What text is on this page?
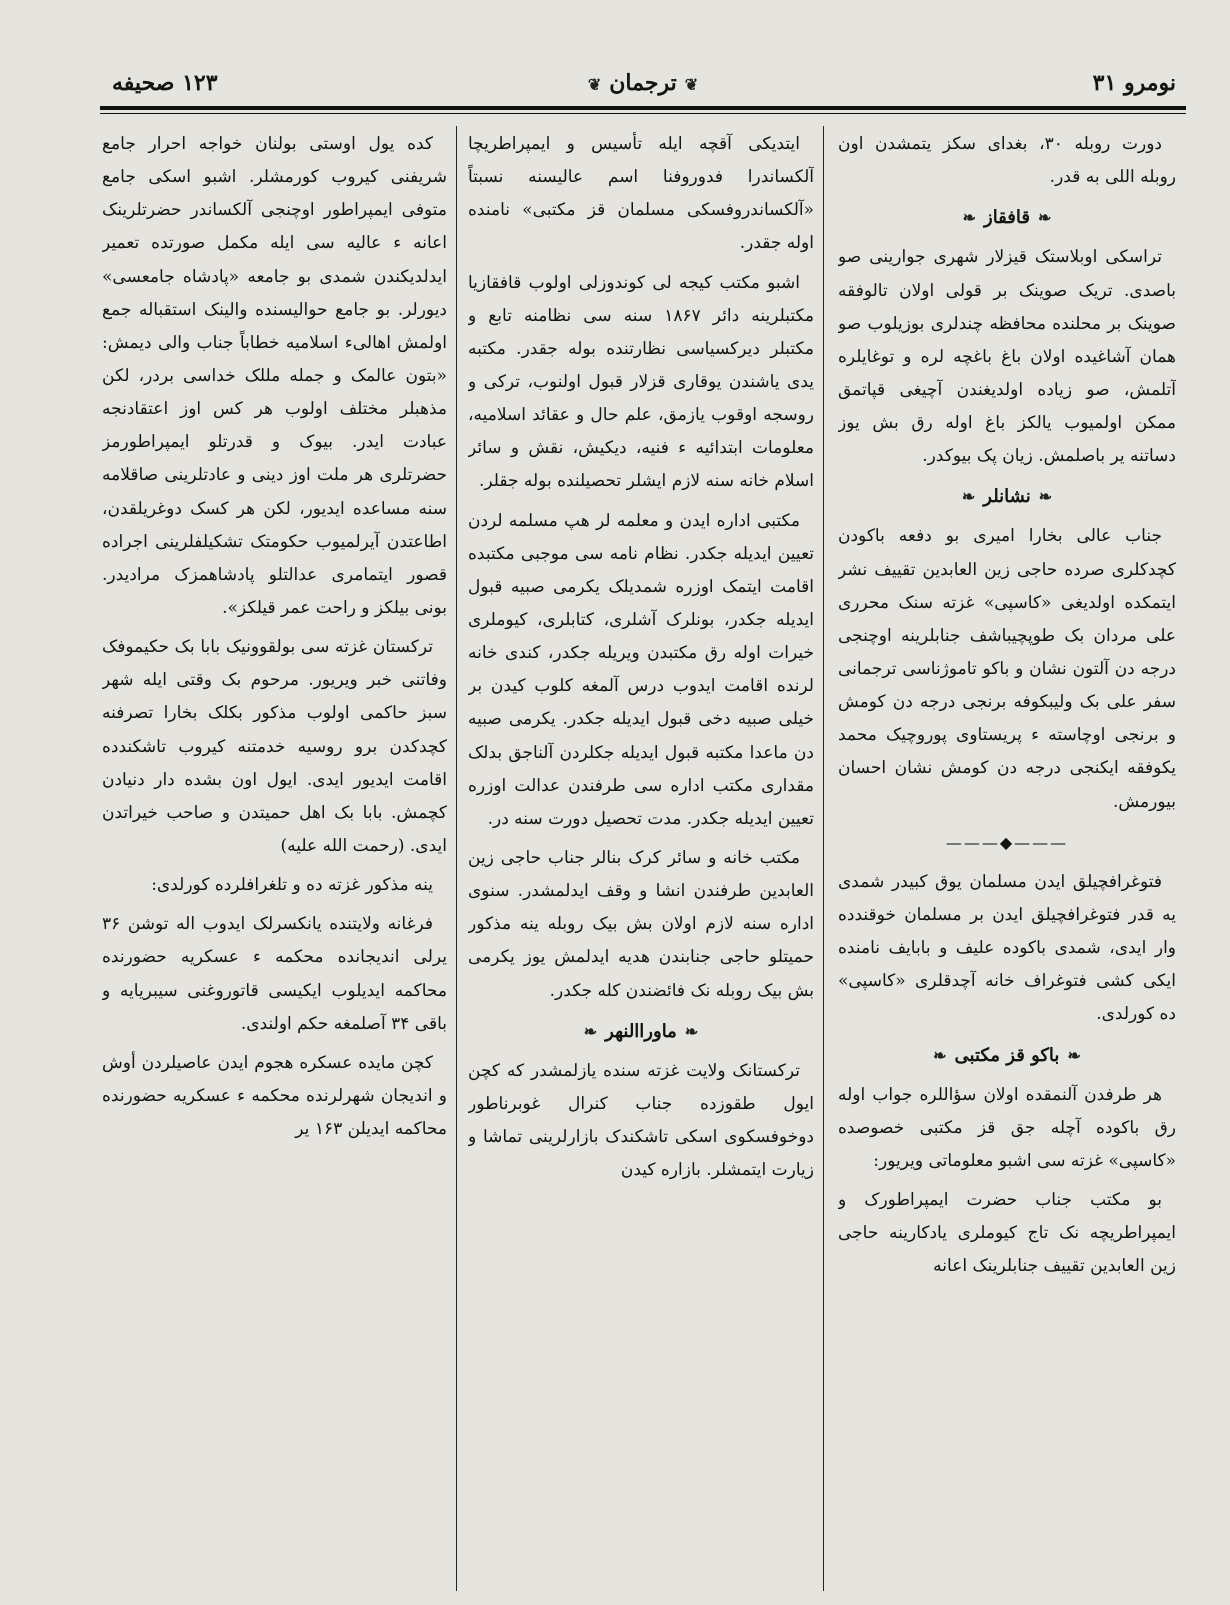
نومرو ۳۱
❦ترجمان❦
۱۲۳ صحیفه

دورت روبله ۳۰، بغدای سکز یتمشدن اون روبله اللی به قدر.

❧قافقاز❧

تراسکی اوبلاستک قیزلار شهری جوارینی صو باصدی. تریک صوینک بر قولی اولان تالوفقه صوینک بر محلنده محافظه چندلری بوزیلوب صو همان آشاغیده اولان باغ باغچه لره و توغایلره آتلمش، صو زیاده اولدیغندن آچیغی قپاتمق ممکن اولمیوب یالکز باغ اوله رق بش یوز دساتنه یر باصلمش. زیان پک بیوکدر.

❧نشانلر❧

جناب عالی بخارا امیری بو دفعه باکودن کچدکلری صرده حاجی زین العابدین تقییف نشر ایتمکده اولدیغی «کاسپی» غزته سنک محرری علی مردان بک طوپچیباشف جنابلرینه اوچنجی درجه دن آلتون نشان و باکو تاموژناسی ترجمانی سفر علی بک ولیبکوفه برنجی درجه دن کومش و برنجی اوچاسته ء پریستاوی پوروچیک محمد یکوفقه ایکنجی درجه دن کومش نشان احسان بیورمش.

———◆———

فتوغرافچیلق ایدن مسلمان یوق کبیدر شمدی یه قدر فتوغرافچیلق ایدن بر مسلمان خوقندده وار ایدی، شمدی باکوده علیف و بابایف نامنده ایکی کشی فتوغراف خانه آچدقلری «کاسپی» ده کورلدی.

❧باکو قز مکتبی❧

هر طرفدن آلنمقده اولان سؤاللره جواب اوله رق باکوده آچله جق قز مکتبی خصوصده «کاسپی» غزته سی اشبو معلوماتی ویریور:

بو مکتب جناب حضرت ایمپراطورک و ایمپراطریچه نک تاج کیوملری یادکارینه حاجی زین العابدین تقییف جنابلرینک اعانه

ایتدیکی آقچه ایله تأسیس و ایمپراطریچا آلکساندرا فدوروفنا اسم عالیسنه نسبتاً «آلکساندروفسکی مسلمان قز مکتبی» نامنده اوله جقدر.

اشبو مکتب کیجه لی کوندوزلی اولوب قافقازیا مکتبلرینه دائر ۱۸۶۷ سنه سی نظامنه تابع و مکتبلر دیرکسیاسی نظارتنده بوله جقدر. مکتبه یدی یاشندن یوقاری قزلار قبول اولنوب، ترکی و روسجه اوقوب یازمق، علم حال و عقائد اسلامیه، معلومات ابتدائیه ء فنیه، دیکیش، نقش و سائر اسلام خانه سنه لازم ایشلر تحصیلنده بوله جقلر.

مکتبی اداره ایدن و معلمه لر هپ مسلمه لردن تعیین ایدیله جکدر. نظام نامه سی موجبی مکتبده اقامت ایتمک اوزره شمدیلک یکرمی صبیه قبول ایدیله جکدر، بونلرک آشلری، کتابلری، کیوملری خیرات اوله رق مکتبدن ویریله جکدر، کندی خانه لرنده اقامت ایدوب درس آلمغه کلوب کیدن بر خیلی صبیه دخی قبول ایدیله جکدر. یکرمی صبیه دن ماعدا مکتبه قبول ایدیله جکلردن آلناجق بدلک مقداری مکتب اداره سی طرفندن عدالت اوزره تعیین ایدیله جکدر. مدت تحصیل دورت سنه در.

مکتب خانه و سائر کرک بنالر جناب حاجی زین العابدین طرفندن انشا و وقف ایدلمشدر. سنوی اداره سنه لازم اولان بش بیک روبله ینه مذکور حمیتلو حاجی جنابندن هدیه ایدلمش یوز یکرمی بش بیک روبله نک فائضندن کله جکدر.

❧ماوراالنهر❧

ترکستانک ولایت غزته سنده یازلمشدر که کچن ایول طقوزده جناب کنرال غوبرناطور دوخوفسکوی اسکی تاشکندک بازارلرینی تماشا و زیارت ایتمشلر. بازاره کیدن

کده یول اوستی بولنان خواجه احرار جامع شریفنی کیروب کورمشلر. اشبو اسکی جامع متوفی ایمپراطور اوچنجی آلکساندر حضرتلرینک اعانه ء عالیه سی ایله مکمل صورتده تعمیر ایدلدیکندن شمدی بو جامعه «پادشاه جامعسی» دیورلر. بو جامع حوالیسنده والینک استقباله جمع اولمش اهالیء اسلامیه خطاباً جناب والی دیمش: «بتون عالمک و جمله مللک خداسی بردر، لکن مذهبلر مختلف اولوب هر کس اوز اعتقادنجه عبادت ایدر. بیوک و قدرتلو ایمپراطورمز حضرتلری هر ملت اوز دینی و عادتلرینی صاقلامه سنه مساعده ایدیور، لکن هر کسک دوغریلقدن، اطاعتدن آیرلمیوب حکومتک تشکیلفلرینی اجراده قصور ایتمامری عدالتلو پادشاهمزک مرادیدر. بونی بیلکز و راحت عمر قیلکز».

ترکستان غزته سی بولقوونیک بابا بک حکیموفک وفاتنی خبر ویریور. مرحوم بک وقتی ایله شهر سبز حاکمی اولوب مذکور بکلک بخارا تصرفنه کچدکدن برو روسیه خدمتنه کیروب تاشکندده اقامت ایدیور ایدی. ایول اون بشده دار دنیادن کچمش. بابا بک اهل حمیتدن و صاحب خیراتدن ایدی. (رحمت الله علیه)

ینه مذکور غزته ده و تلغرافلرده کورلدی:

فرغانه ولایتنده یانکسرلک ایدوب اله توشن ۳۶ یرلی اندیجانده محکمه ء عسکریه حضورنده محاکمه ایدیلوب ایکیسی قاتوروغنی سیبریایه و باقی ۳۴ آصلمغه حکم اولندی.

کچن مایده عسکره هجوم ایدن عاصیلردن أوش و اندیجان شهرلرنده محکمه ء عسکریه حضورنده محاکمه ایدیلن ۱۶۳ یر
